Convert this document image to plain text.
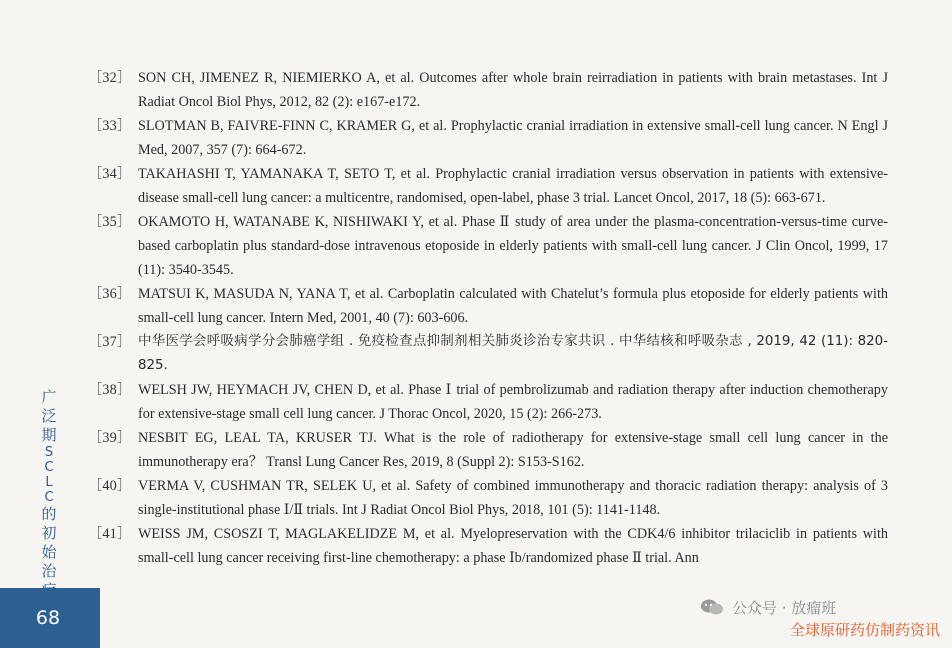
［32］ SON CH, JIMENEZ R, NIEMIERKO A, et al. Outcomes after whole brain reirradiation in patients with brain metastases. Int J Radiat Oncol Biol Phys, 2012, 82 (2): e167-e172.
［33］ SLOTMAN B, FAIVRE-FINN C, KRAMER G, et al. Prophylactic cranial irradiation in extensive small-cell lung cancer. N Engl J Med, 2007, 357 (7): 664-672.
［34］ TAKAHASHI T, YAMANAKA T, SETO T, et al. Prophylactic cranial irradiation versus observation in patients with extensive-disease small-cell lung cancer: a multicentre, randomised, open-label, phase 3 trial. Lancet Oncol, 2017, 18 (5): 663-671.
［35］ OKAMOTO H, WATANABE K, NISHIWAKI Y, et al. Phase Ⅱ study of area under the plasma-concentration-versus-time curve-based carboplatin plus standard-dose intravenous etoposide in elderly patients with small-cell lung cancer. J Clin Oncol, 1999, 17 (11): 3540-3545.
［36］ MATSUI K, MASUDA N, YANA T, et al. Carboplatin calculated with Chatelut’s formula plus etoposide for elderly patients with small-cell lung cancer. Intern Med, 2001, 40 (7): 603-606.
［37］ 中华医学会呼吸病学分会肺癌学组 . 免疫检查点抑制剂相关肺炎诊治专家共识 . 中华结核和呼吸杂志 , 2019, 42 (11): 820-825.
［38］ WELSH JW, HEYMACH JV, CHEN D, et al. Phase Ⅰ trial of pembrolizumab and radiation therapy after induction chemotherapy for extensive-stage small cell lung cancer. J Thorac Oncol, 2020, 15 (2): 266-273.
［39］ NESBIT EG, LEAL TA, KRUSER TJ. What is the role of radiotherapy for extensive-stage small cell lung cancer in the immunotherapy era？ Transl Lung Cancer Res, 2019, 8 (Suppl 2): S153-S162.
［40］ VERMA V, CUSHMAN TR, SELEK U, et al. Safety of combined immunotherapy and thoracic radiation therapy: analysis of 3 single-institutional phase Ⅰ/Ⅱ trials. Int J Radiat Oncol Biol Phys, 2018, 101 (5): 1141-1148.
［41］ WEISS JM, CSOSZI T, MAGLAKELIDZE M, et al. Myelopreservation with the CDK4/6 inhibitor trilaciclib in patients with small-cell lung cancer receiving first-line chemotherapy: a phase Ⅰb/randomized phase Ⅱ trial. Ann
广
泛
期
S
C
L
C
的
初
始
治
68	公众号 · 放瘤班
全球原研药仿制药资讯
